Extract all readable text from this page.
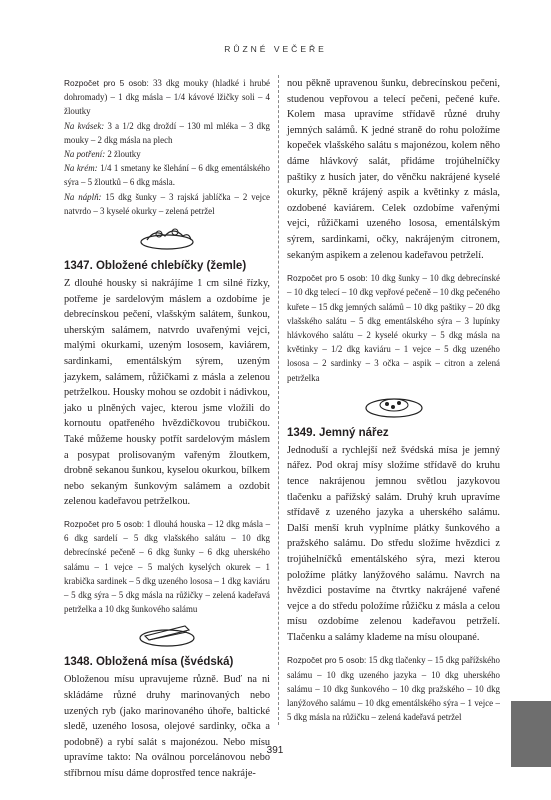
RŮZNÉ VEČEŘE

Rozpočet pro 5 osob: 33 dkg mouky (hladké i hrubé dohromady) – 1 dkg másla – 1/4 kávové lžičky soli – 4 žloutky
Na kvásek: 3 a 1/2 dkg droždí – 130 ml mléka – 3 dkg mouky – 2 dkg másla na plech
Na potření: 2 žloutky
Na krém: 1/4 1 smetany ke šlehání – 6 dkg ementálského sýra – 5 žloutků – 6 dkg másla.
Na náplň: 15 dkg šunky – 3 rajská jablíčka – 2 vejce natvrdo – 3 kyselé okurky – zelená petržel

1347. Obložené chlebíčky (žemle)

Z dlouhé housky si nakrájíme 1 cm silné řízky, potřeme je sardelovým máslem a ozdobíme je debrecínskou pečení, vlašským salátem, šunkou, uherským salámem, natvrdo uvařenými vejci, malými okurkami, uzeným lososem, kaviárem, sardinkami, ementálským sýrem, uzeným jazykem, salámem, růžičkami z másla a zelenou petrželkou. Housky mohou se ozdobit i nádivkou, jako u plněných vajec, kterou jsme vložili do kornoutu opatřeného hvězdičkovou trubičkou. Také můžeme housky potřít sardelovým máslem a posypat prolisovaným vařeným žloutkem, drobně sekanou šunkou, kyselou okurkou, bílkem nebo sekaným šunkovým salámem a ozdobit zelenou kadeřavou petrželkou.

Rozpočet pro 5 osob: 1 dlouhá houska – 12 dkg másla – 6 dkg sardelí – 5 dkg vlašského salátu – 10 dkg debrecínské pečeně – 6 dkg šunky – 6 dkg uherského salámu – 1 vejce – 5 malých kyselých okurek – 1 krabička sardinek – 5 dkg uzeného lososa – 1 dkg kaviáru – 5 dkg sýra – 5 dkg másla na růžičky – zelená kadeřavá petrželka a 10 dkg šunkového salámu

1348. Obložená mísa (švédská)

Obloženou mísu upravujeme různě. Buď na ni skládáme různé druhy marinovaných nebo uzených ryb (jako marinovaného úhoře, baltické sledě, uzeného lososa, olejové sardinky, očka a podobně) a rybí salát s majonézou. Nebo mísu upravíme takto: Na oválnou porcelánovou nebo stříbrnou mísu dáme doprostřed tence nakráje-

nou pěkně upravenou šunku, debrecínskou pečeni, studenou vepřovou a telecí pečeni, pečené kuře. Kolem masa upravíme střídavě různé druhy jemných salámů. K jedné straně do rohu položíme kopeček vlašského salátu s majonézou, kolem něho dáme hlávkový salát, přidáme trojúhelníčky paštiky z husích jater, do věnčku nakrájené kyselé okurky, pěkně krájený aspik a květinky z másla, ozdobené kaviárem. Celek ozdobíme vařenými vejci, růžičkami uzeného lososa, ementálským sýrem, sardinkami, očky, nakrájeným citronem, sekaným aspikem a zelenou kadeřavou petrželí.

Rozpočet pro 5 osob: 10 dkg šunky – 10 dkg debrecínské – 10 dkg telecí – 10 dkg vepřové pečeně – 10 dkg pečeného kuřete – 15 dkg jemných salámů – 10 dkg paštiky – 20 dkg vlašského salátu – 5 dkg ementálského sýra – 3 lupínky hlávkového salátu – 2 kyselé okurky – 5 dkg másla na květinky – 1/2 dkg kaviáru – 1 vejce – 5 dkg uzeného lososa – 2 sardinky – 3 očka – aspik – citron a zelená petrželka

1349. Jemný nářez

Jednoduší a rychlejší než švédská mísa je jemný nářez. Pod okraj mísy složíme střídavě do kruhu tence nakrájenou jemnou světlou jazykovou tlačenku a pařížský salám. Druhý kruh upravíme střídavě z uzeného jazyka a uherského salámu. Další menší kruh vyplníme plátky šunkového a pražského salámu. Do středu složíme hvězdici z trojúhelníčků ementálského sýra, mezi kterou položíme plátky lanýžového salámu. Navrch na hvězdici postavíme na čtvrtky nakrájené vařené vejce a do středu položíme růžičku z másla a celou mísu ozdobíme zelenou kadeřavou petrželí. Tlačenku a salámy klademe na mísu oloupané.

Rozpočet pro 5 osob: 15 dkg tlačenky – 15 dkg pařížského salámu – 10 dkg uzeného jazyka – 10 dkg uherského salámu – 10 dkg šunkového – 10 dkg pražského – 10 dkg lanýžového salámu – 10 dkg ementálského sýra – 1 vejce – 5 dkg másla na růžičku – zelená kadeřavá petržel

391
